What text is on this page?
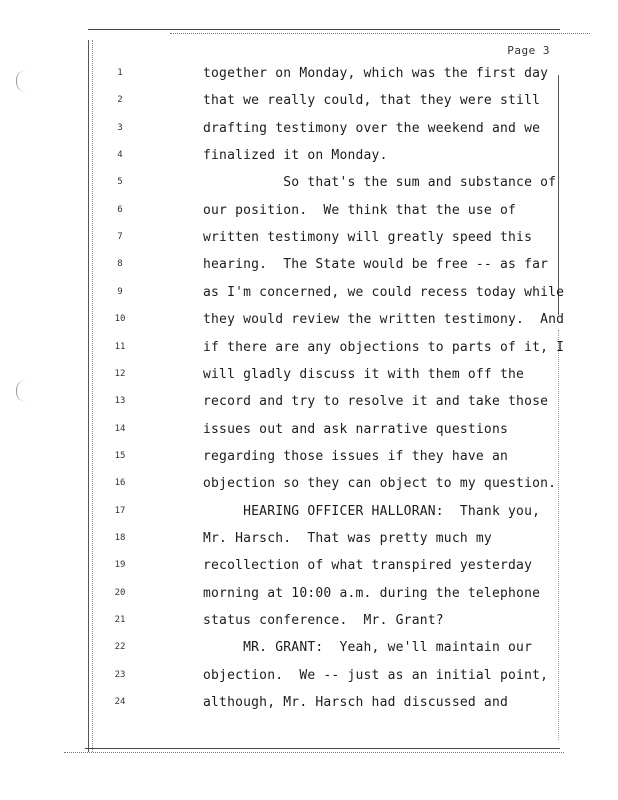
Page 3
1	together on Monday, which was the first day
2	that we really could, that they were still
3	drafting testimony over the weekend and we
4	finalized it on Monday.
5	So that's the sum and substance of
6	our position.  We think that the use of
7	written testimony will greatly speed this
8	hearing.  The State would be free -- as far
9	as I'm concerned, we could recess today while
10	they would review the written testimony.  And
11	if there are any objections to parts of it, I
12	will gladly discuss it with them off the
13	record and try to resolve it and take those
14	issues out and ask narrative questions
15	regarding those issues if they have an
16	objection so they can object to my question.
17	HEARING OFFICER HALLORAN:  Thank you,
18	Mr. Harsch.  That was pretty much my
19	recollection of what transpired yesterday
20	morning at 10:00 a.m. during the telephone
21	status conference.  Mr. Grant?
22	MR. GRANT:  Yeah, we'll maintain our
23	objection.  We -- just as an initial point,
24	although, Mr. Harsch had discussed and
